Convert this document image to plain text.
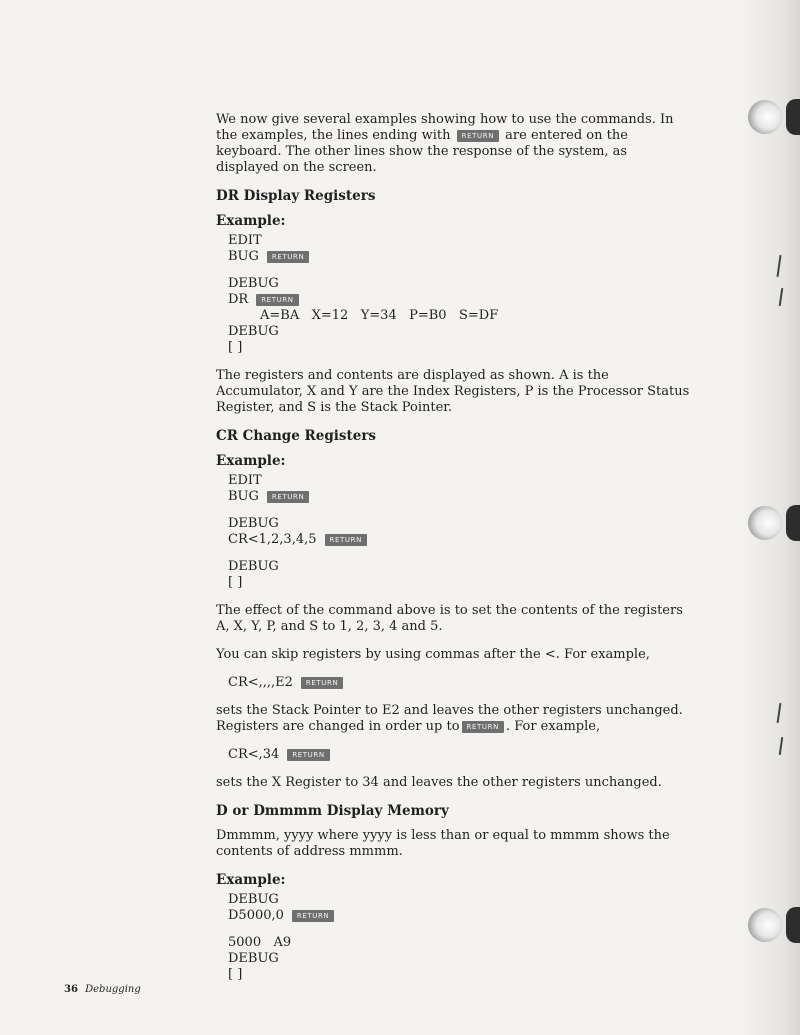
We now give several examples showing how to use the commands. In the examples, the lines ending with RETURN are entered on the keyboard. The other lines show the response of the system, as displayed on the screen.

DR Display Registers
Example:
EDIT
BUG RETURN
DEBUG
DR RETURN
A=BA   X=12   Y=34   P=B0   S=DF
DEBUG
[ ]

The registers and contents are displayed as shown. A is the Accumulator, X and Y are the Index Registers, P is the Processor Status Register, and S is the Stack Pointer.

CR Change Registers
Example:
EDIT
BUG RETURN
DEBUG
CR<1,2,3,4,5 RETURN
DEBUG
[ ]

The effect of the command above is to set the contents of the registers A, X, Y, P, and S to 1, 2, 3, 4 and 5.

You can skip registers by using commas after the <. For example,

CR<,,,,E2 RETURN

sets the Stack Pointer to E2 and leaves the other registers unchanged. Registers are changed in order up to RETURN . For example,

CR<,34 RETURN

sets the X Register to 34 and leaves the other registers unchanged.

D or Dmmmm Display Memory

Dmmmm, yyyy where yyyy is less than or equal to mmmm shows the contents of address mmmm.

Example:
DEBUG
D5000,0 RETURN
5000   A9
DEBUG
[ ]
36 Debugging
